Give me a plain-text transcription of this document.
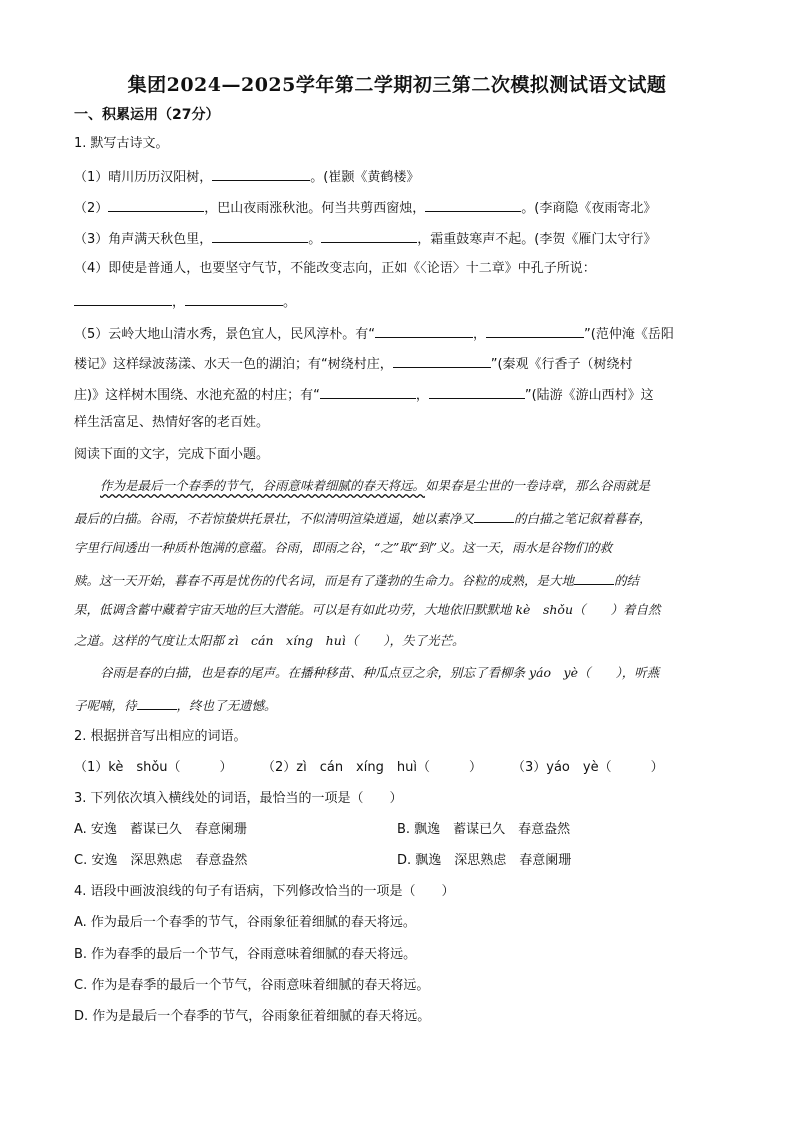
集团2024—2025学年第二学期初三第二次模拟测试语文试题
一、积累运用（27分）
1. 默写古诗文。
（1）晴川历历汉阳树，	。(崔颢《黄鹤楼》
（2）	，巴山夜雨涨秋池。何当共剪西窗烛，	。(李商隐《夜雨寄北》
（3）角声满天秋色里，	。	，霜重鼓寒声不起。(李贺《雁门太守行》
（4）即使是普通人，也要坚守气节，不能改变志向，正如《〈论语〉十二章》中孔子所说：
，	。
（5）云岭大地山清水秀，景色宜人，民风淳朴。有“	，	”(范仲淹《岳阳
楼记》这样绿波荡漾、水天一色的湖泊；有“树绕村庄，	”(秦观《行香子（树绕村
庄)》这样树木围绕、水池充盈的村庄；有“	，	”(陆游《游山西村》这
样生活富足、热情好客的老百姓。
阅读下面的文字，完成下面小题。
作为是最后一个春季的节气，谷雨意味着细腻的春天将远。如果春是尘世的一卷诗章，那么谷雨就是
最后的白描。谷雨，不若惊蛰烘托景壮，不似清明渲染逍遥，她以素净又	的白描之笔记叙着暮春，
字里行间透出一种质朴饱满的意蕴。谷雨，即雨之谷，“之”取“到”义。这一天，雨水是谷物们的救
赎。这一天开始，暮春不再是忧伤的代名词，而是有了蓬勃的生命力。谷粒的成熟，是大地	的结
果，低调含蓄中藏着宇宙天地的巨大潜能。可以是有如此功劳，大地依旧默默地 kè　shǒu（　　）着自然
之道。这样的气度让太阳都 zì　cán　xíng　huì（　　），失了光芒。
谷雨是春的白描，也是春的尾声。在播种移苗、种瓜点豆之余，别忘了看柳条 yáo　yè（　　），听燕
子呢喃，待	，终也了无遗憾。
2. 根据拼音写出相应的词语。
（1）kè　shǒu（　　　） （2）zì　cán　xíng　huì（　　　） （3）yáo　yè（　　　）
3. 下列依次填入横线处的词语，最恰当的一项是（　　）
A. 安逸　蓄谋已久　春意阑珊	B. 飘逸　蓄谋已久　春意盎然
C. 安逸　深思熟虑　春意盎然	D. 飘逸　深思熟虑　春意阑珊
4. 语段中画波浪线的句子有语病，下列修改恰当的一项是（　　）
A. 作为最后一个春季的节气，谷雨象征着细腻的春天将远。
B. 作为春季的最后一个节气，谷雨意味着细腻的春天将远。
C. 作为是春季的最后一个节气，谷雨意味着细腻的春天将远。
D. 作为是最后一个春季的节气，谷雨象征着细腻的春天将远。
